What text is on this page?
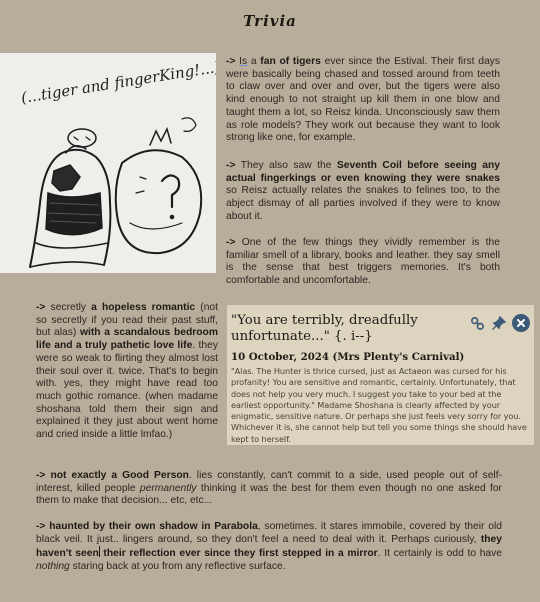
Trivia
(...tiger and fingerKing!...) -> Is a fan of tigers ever since the Estival. Their first days were basically being chased and tossed around from teeth to claw over and over and over, but the tigers were also kind enough to not straight up kill them in one blow and taught them a lot, so Reisz kinda. Unconsciously saw them as role models? They work out because they want to look strong like one, for example.
-> They also saw the Seventh Coil before seeing any actual fingerkings or even knowing they were snakes so Reisz actually relates the snakes to felines too, to the abject dismay of all parties involved if they were to know about it.
-> One of the few things they vividly remember is the familiar smell of a library, books and leather. they say smell is the sense that best triggers memories. It's both comfortable and uncomfortable.
-> secretly a hopeless romantic (not so secretly if you read their past stuff, but alas) with a scandalous bedroom life and a truly pathetic love life. they were so weak to flirting they almost lost their soul over it. twice. That's to begin with. yes, they might have read too much gothic romance. (when madame shoshana told them their sign and explained it they just about went home and cried inside a little lmfao.)
"You are terribly, dreadfully unfortunate..." {. i--}
10 October, 2024 (Mrs Plenty's Carnival)
"Alas. The Hunter is thrice cursed, just as Actaeon was cursed for his profanity! You are sensitive and romantic, certainly. Unfortunately, that does not help you very much. I suggest you take to your bed at the earliest opportunity." Madame Shoshana is clearly affected by your enigmatic, sensitive nature. Or perhaps she just feels very sorry for you. Whichever it is, she cannot help but tell you some things she should have kept to herself.
-> not exactly a Good Person. lies constantly, can't commit to a side, used people out of self-interest, killed people permanently thinking it was the best for them even though no one asked for them to make that decision... etc, etc...
-> haunted by their own shadow in Parabola, sometimes. it stares immobile, covered by their old black veil. It just.. lingers around, so they don't feel a need to deal with it. Perhaps curiously, they haven't seen their reflection ever since they first stepped in a mirror. It certainly is odd to have nothing staring back at you from any reflective surface.
